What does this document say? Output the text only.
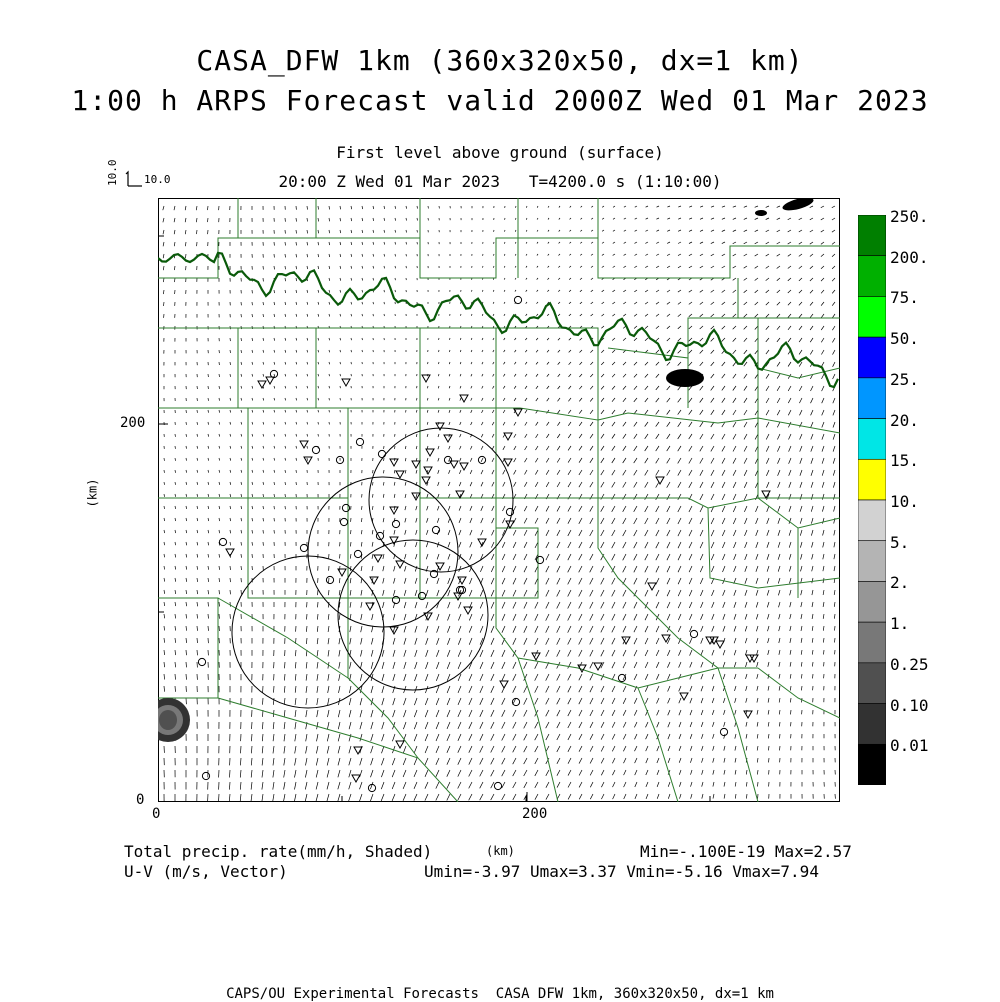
CASA_DFW 1km (360x320x50, dx=1 km)
1:00 h ARPS Forecast valid 2000Z Wed 01 Mar 2023
First level above ground (surface)
20:00 Z Wed 01 Mar 2023   T=4200.0 s (1:10:00)
10.0 10.0
(km)
200
0
0	200
(km)
250.
200.
75.
50.
25.
20.
15.
10.
5.
2.
1.
0.25
0.10
0.01
Total precip. rate(mm/h, Shaded)
U-V (m/s, Vector)
Min=-.100E-19 Max=2.57
Umin=-3.97 Umax=3.37 Vmin=-5.16 Vmax=7.94
CAPS/OU Experimental Forecasts  CASA DFW 1km, 360x320x50, dx=1 km
